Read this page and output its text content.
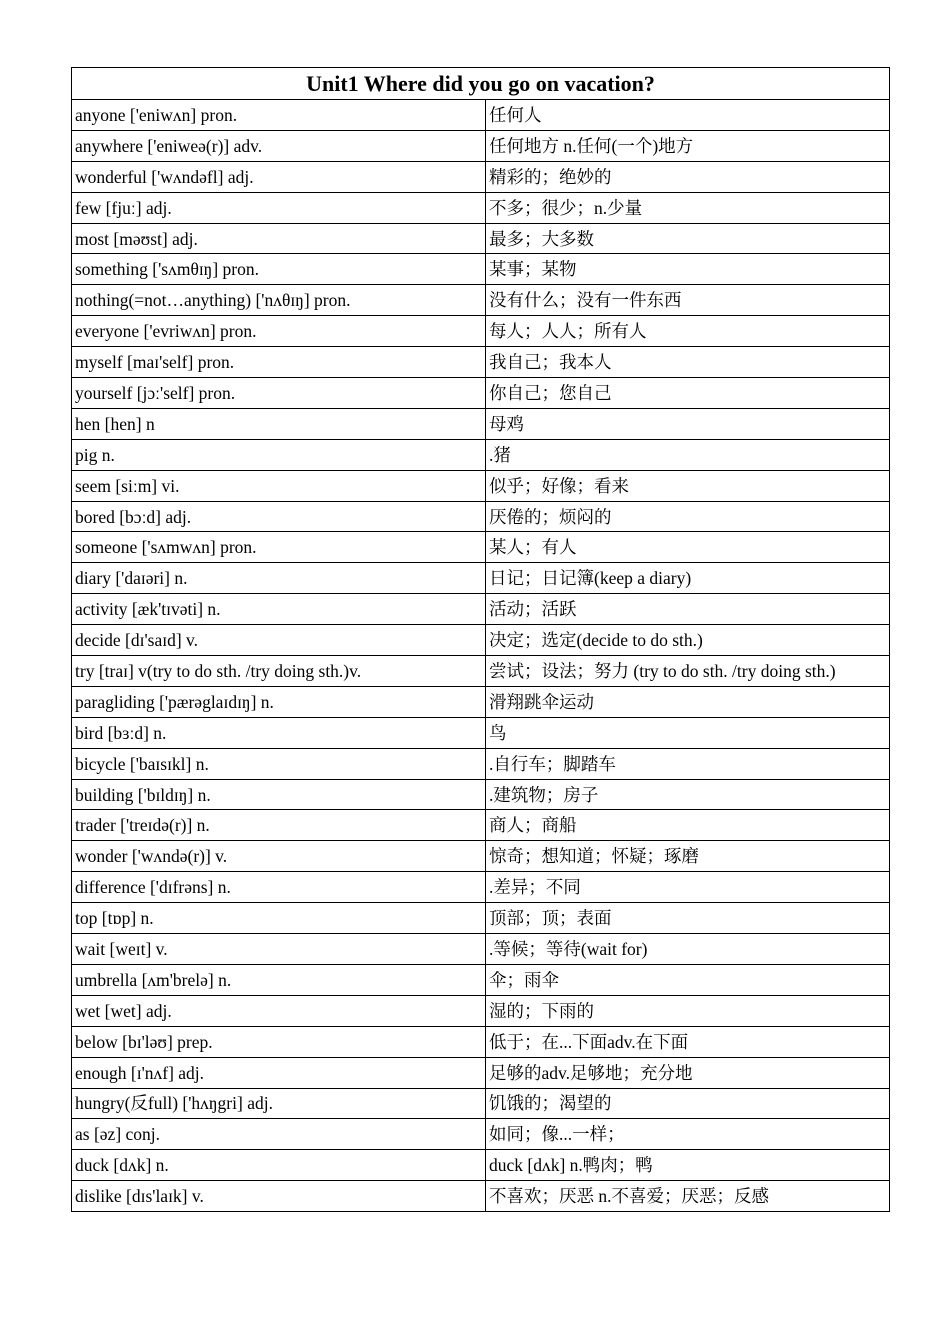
Unit1 Where did you go on vacation?	
anyone ['eniwʌn] pron.	任何人
anywhere ['eniweə(r)] adv.	任何地方 n.任何(一个)地方
wonderful ['wʌndəfl] adj.	精彩的；绝妙的
few [fjuː] adj.	不多；很少；n.少量
most [məʊst] adj.	最多；大多数
something ['sʌmθɪŋ] pron.	某事；某物
nothing(=not…anything) ['nʌθɪŋ] pron.	没有什么；没有一件东西
everyone ['evriwʌn] pron.	每人；人人；所有人
myself [maɪ'self] pron.	我自己；我本人
yourself [jɔː'self] pron.	你自己；您自己
hen [hen] n	母鸡
pig n.	.猪
seem [siːm] vi.	似乎；好像；看来
bored [bɔːd] adj.	厌倦的；烦闷的
someone ['sʌmwʌn] pron.	某人；有人
diary ['daɪəri] n.	日记；日记簿(keep a diary)
activity [æk'tɪvəti] n.	活动；活跃
decide [dɪ'saɪd] v.	决定；选定(decide to do sth.)
try [traɪ] v(try to do sth. /try doing sth.)v.	尝试；设法；努力 (try to do sth. /try doing sth.)
paragliding ['pærəglaɪdɪŋ] n.	滑翔跳伞运动
bird [bɜːd] n.	鸟
bicycle ['baɪsɪkl] n.	.自行车；脚踏车
building ['bɪldɪŋ] n.	.建筑物；房子
trader ['treɪdə(r)] n.	商人；商船
wonder ['wʌndə(r)] v.	惊奇；想知道；怀疑；琢磨
difference ['dɪfrəns] n.	.差异；不同
top [tɒp] n.	顶部；顶；表面
wait [weɪt] v.	.等候；等待(wait for)
umbrella [ʌm'brelə] n.	伞；雨伞
wet [wet] adj.	湿的；下雨的
below [bɪ'ləʊ] prep.	低于；在...下面adv.在下面
enough [ɪ'nʌf] adj.	足够的adv.足够地；充分地
hungry(反full) ['hʌŋgri] adj.	饥饿的；渴望的
as [əz] conj.	如同；像...一样；
duck [dʌk] n.	duck [dʌk] n.鸭肉；鸭
dislike [dɪs'laɪk] v.	不喜欢；厌恶 n.不喜爱；厌恶；反感
